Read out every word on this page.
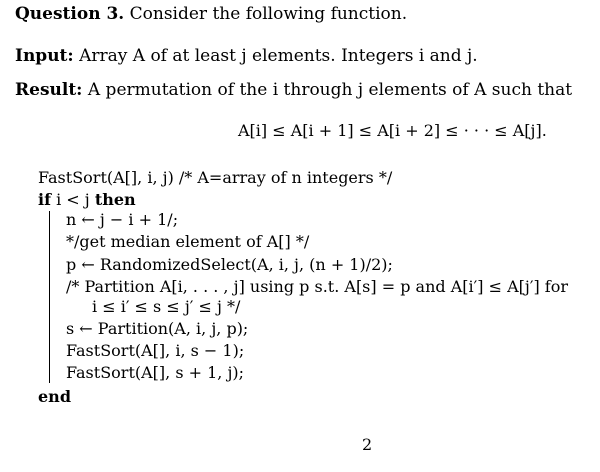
Question 3. Consider the following function.
Input: Array A of at least j elements. Integers i and j.
Result: A permutation of the i through j elements of A such that
A[i] ≤ A[i + 1] ≤ A[i + 2] ≤ · · · ≤ A[j].
FastSort(A[], i, j) /* A=array of n integers */
if i < j then
n ← j − i + 1/;
*/get median element of A[] */
p ← RandomizedSelect(A, i, j, (n + 1)/2);
/* Partition A[i, . . . , j] using p s.t. A[s] = p and A[i′] ≤ A[j′] for
i ≤ i′ ≤ s ≤ j′ ≤ j */
s ← Partition(A, i, j, p);
FastSort(A[], i, s − 1);
FastSort(A[], s + 1, j);
end
2
